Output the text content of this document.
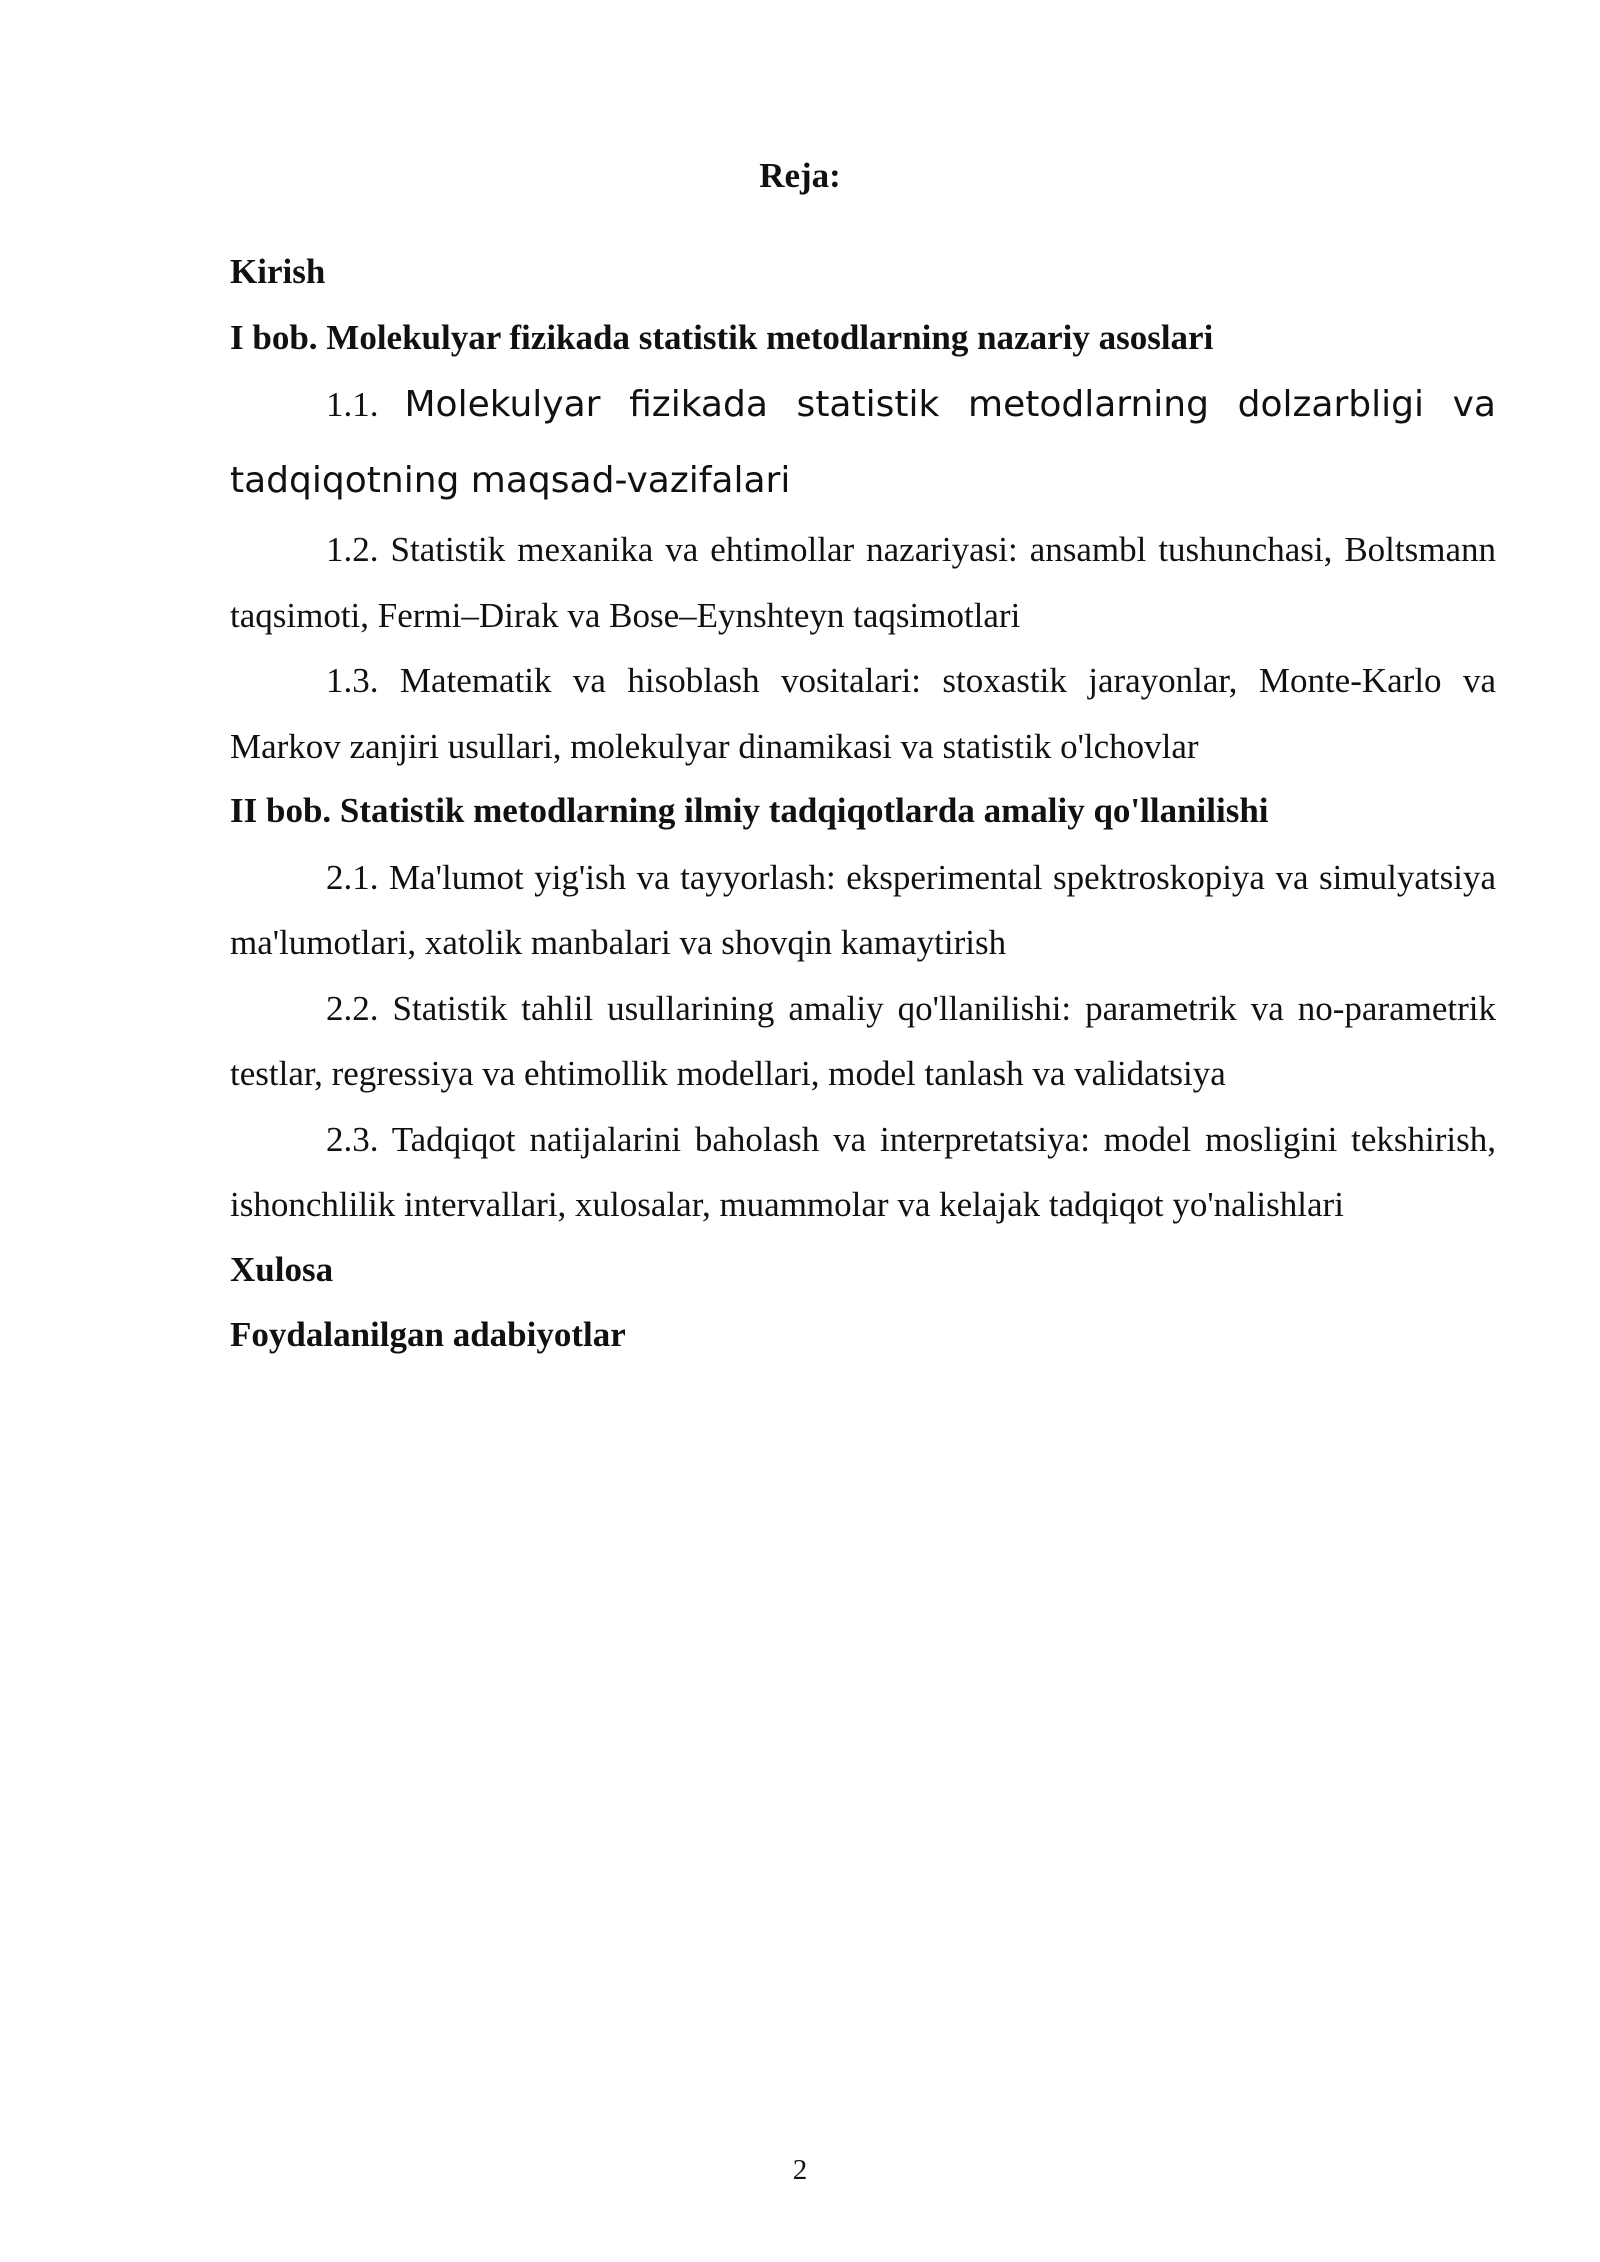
Reja:

Kirish

I bob. Molekulyar fizikada statistik metodlarning nazariy asoslari

1.1. Molekulyar fizikada statistik metodlarning dolzarbligi va tadqiqotning maqsad-vazifalari

1.2. Statistik mexanika va ehtimollar nazariyasi: ansambl tushunchasi, Boltsmann taqsimoti, Fermi–Dirak va Bose–Eynshteyn taqsimotlari

1.3. Matematik va hisoblash vositalari: stoxastik jarayonlar, Monte-Karlo va Markov zanjiri usullari, molekulyar dinamikasi va statistik o'lchovlar

II bob. Statistik metodlarning ilmiy tadqiqotlarda amaliy qo'llanilishi

2.1. Ma'lumot yig'ish va tayyorlash: eksperimental spektroskopiya va simulyatsiya ma'lumotlari, xatolik manbalari va shovqin kamaytirish

2.2. Statistik tahlil usullarining amaliy qo'llanilishi: parametrik va no-parametrik testlar, regressiya va ehtimollik modellari, model tanlash va validatsiya

2.3. Tadqiqot natijalarini baholash va interpretatsiya: model mosligini tekshirish, ishonchlilik intervallari, xulosalar, muammolar va kelajak tadqiqot yo'nalishlari

Xulosa

Foydalanilgan adabiyotlar

2
